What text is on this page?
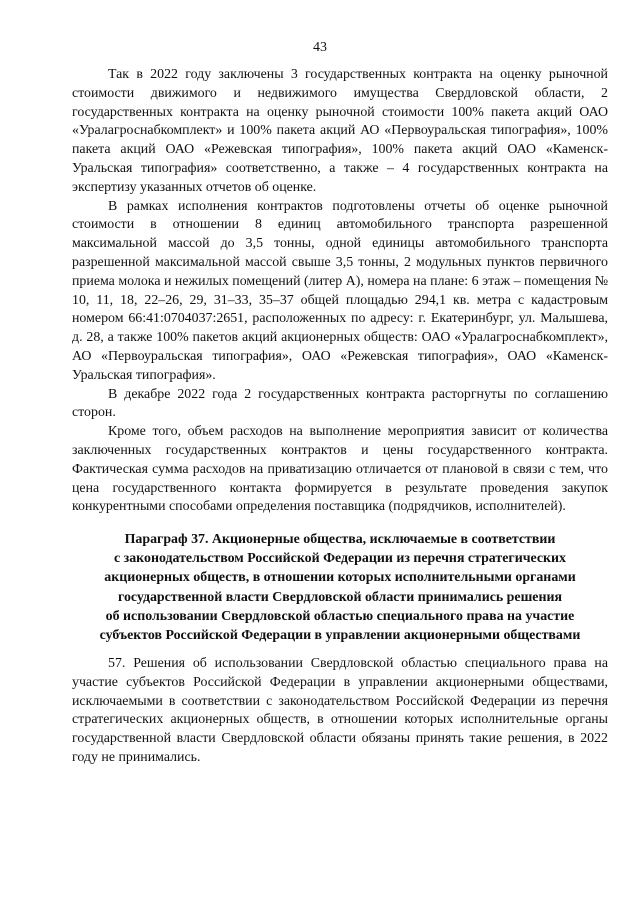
43

Так в 2022 году заключены 3 государственных контракта на оценку рыночной стоимости движимого и недвижимого имущества Свердловской области, 2 государственных контракта на оценку рыночной стоимости 100% пакета акций ОАО «Уралагроснабкомплект» и 100% пакета акций АО «Первоуральская типография», 100% пакета акций ОАО «Режевская типография», 100% пакета акций ОАО «Каменск-Уральская типография» соответственно, а также – 4 государственных контракта на экспертизу указанных отчетов об оценке.

В рамках исполнения контрактов подготовлены отчеты об оценке рыночной стоимости в отношении 8 единиц автомобильного транспорта разрешенной максимальной массой до 3,5 тонны, одной единицы автомобильного транспорта разрешенной максимальной массой свыше 3,5 тонны, 2 модульных пунктов первичного приема молока и нежилых помещений (литер А), номера на плане: 6 этаж – помещения № 10, 11, 18, 22–26, 29, 31–33, 35–37 общей площадью 294,1 кв. метра с кадастровым номером 66:41:0704037:2651, расположенных по адресу: г. Екатеринбург, ул. Малышева, д. 28, а также 100% пакетов акций акционерных обществ: ОАО «Уралагроснабкомплект», АО «Первоуральская типография», ОАО «Режевская типография», ОАО «Каменск-Уральская типография».

В декабре 2022 года 2 государственных контракта расторгнуты по соглашению сторон.

Кроме того, объем расходов на выполнение мероприятия зависит от количества заключенных государственных контрактов и цены государственного контракта. Фактическая сумма расходов на приватизацию отличается от плановой в связи с тем, что цена государственного контакта формируется в результате проведения закупок конкурентными способами определения поставщика (подрядчиков, исполнителей).

Параграф 37. Акционерные общества, исключаемые в соответствии
с законодательством Российской Федерации из перечня стратегических
акционерных обществ, в отношении которых исполнительными органами
государственной власти Свердловской области принимались решения
об использовании Свердловской областью специального права на участие
субъектов Российской Федерации в управлении акционерными обществами

57. Решения об использовании Свердловской областью специального права на участие субъектов Российской Федерации в управлении акционерными обществами, исключаемыми в соответствии с законодательством Российской Федерации из перечня стратегических акционерных обществ, в отношении которых исполнительные органы государственной власти Свердловской области обязаны принять такие решения, в 2022 году не принимались.
